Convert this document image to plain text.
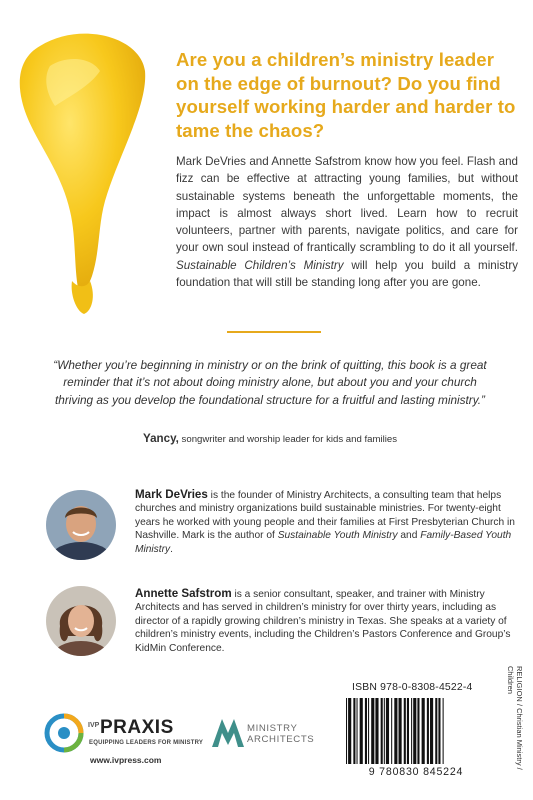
Are you a children’s ministry leader on the edge of burnout? Do you find yourself working harder and harder to tame the chaos?
Mark DeVries and Annette Safstrom know how you feel. Flash and fizz can be effective at attracting young families, but without sustainable systems beneath the unforgettable moments, the impact is almost always short lived. Learn how to recruit volunteers, partner with parents, navigate politics, and care for your own soul instead of frantically scrambling to do it all yourself. Sustainable Children’s Ministry will help you build a ministry foundation that will still be standing long after you are gone.
“Whether you’re beginning in ministry or on the brink of quitting, this book is a great reminder that it’s not about doing ministry alone, but about you and your church thriving as you develop the foundational structure for a fruitful and lasting ministry.”
Yancy, songwriter and worship leader for kids and families
Mark DeVries is the founder of Ministry Architects, a consulting team that helps churches and ministry organizations build sustainable ministries. For twenty-eight years he worked with young people and their families at First Presbyterian Church in Nashville. Mark is the author of Sustainable Youth Ministry and Family-Based Youth Ministry.
Annette Safstrom is a senior consultant, speaker, and trainer with Ministry Architects and has served in children’s ministry for over thirty years, including as director of a rapidly growing children’s ministry in Texas. She speaks at a variety of children’s ministry events, including the Children’s Pastors Conference and Group’s KidMin Conference.
ISBN 978-0-8308-4522-4
9 780830 845224
RELIGION / Christian Ministry /
Children
IVP PRAXIS
EQUIPPING LEADERS FOR MINISTRY
www.ivpress.com
MINISTRY
ARCHITECTS
